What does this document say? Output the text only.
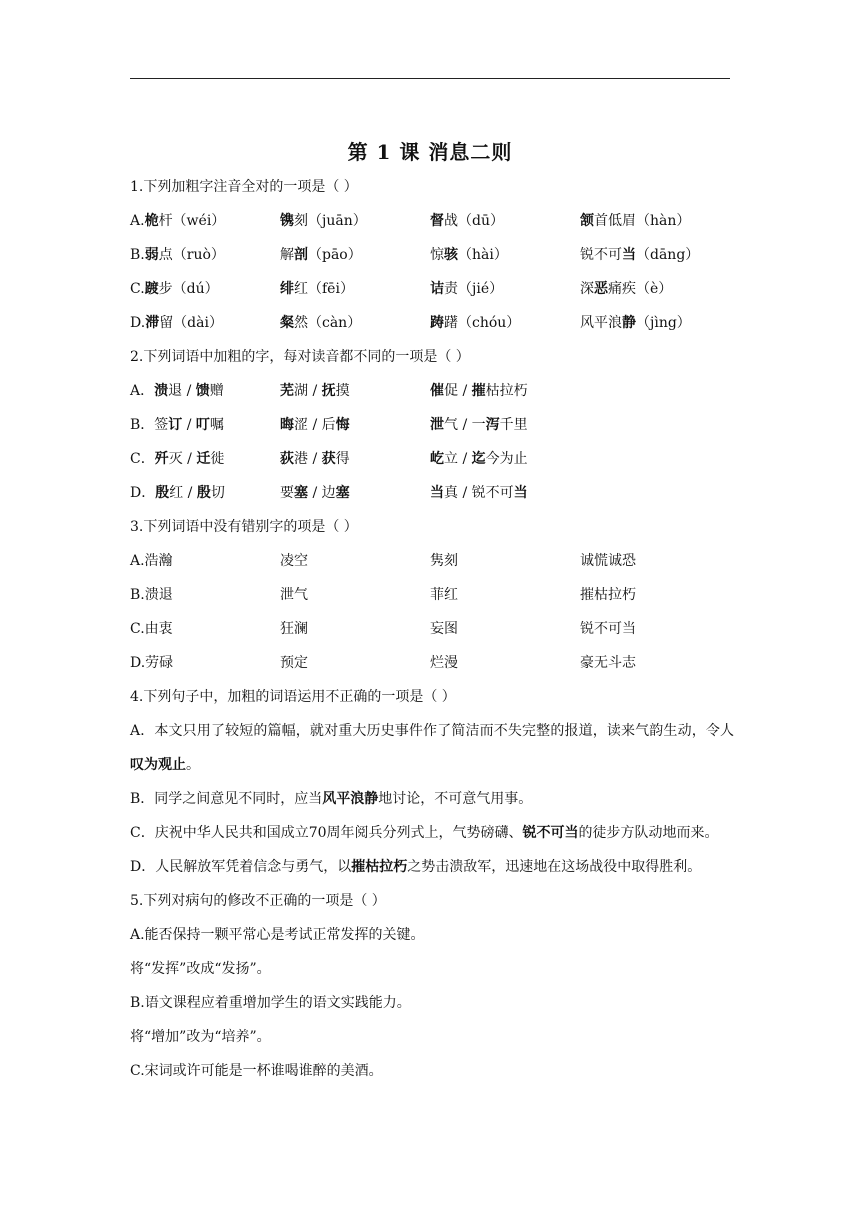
第 1 课 消息二则
1.下列加粗字注音全对的一项是（ ）
A.桅杆（wéi）	镌刻（juān）	督战（dū）	颔首低眉（hàn）
B.弱点（ruò）	解剖（pāo）	惊骇（hài）	锐不可当（dāng）
C.踱步（dú）	绯红（fēi）	诘责（jié）	深恶痛疾（è）
D.滞留（dài）	粲然（càn）	踌躇（chóu）	风平浪静（jìng）
2.下列词语中加粗的字，每对读音都不同的一项是（ ）
A．溃退 / 馈赠	芜湖 / 抚摸	催促 / 摧枯拉朽
B．签订 / 叮嘱	晦涩 / 后悔	泄气 / 一泻千里
C．歼灭 / 迁徙	荻港 / 获得	屹立 / 迄今为止
D．殷红 / 殷切	要塞 / 边塞	当真 / 锐不可当
3.下列词语中没有错别字的项是（ ）
A.浩瀚	凌空	隽刻	诚慌诚恐
B.溃退	泄气	菲红	摧枯拉朽
C.由衷	狂澜	妄图	锐不可当
D.劳碌	预定	烂漫	豪无斗志
4.下列句子中，加粗的词语运用不正确的一项是（ ）
A．本文只用了较短的篇幅，就对重大历史事件作了简洁而不失完整的报道，读来气韵生动，令人叹为观止。
B．同学之间意见不同时，应当风平浪静地讨论，不可意气用事。
C．庆祝中华人民共和国成立70周年阅兵分列式上，气势磅礴、锐不可当的徒步方队动地而来。
D．人民解放军凭着信念与勇气，以摧枯拉朽之势击溃敌军，迅速地在这场战役中取得胜利。
5.下列对病句的修改不正确的一项是（ ）
A.能否保持一颗平常心是考试正常发挥的关键。
将“发挥”改成“发扬”。
B.语文课程应着重增加学生的语文实践能力。
将“增加”改为“培养”。
C.宋词或许可能是一杯谁喝谁醉的美酒。
